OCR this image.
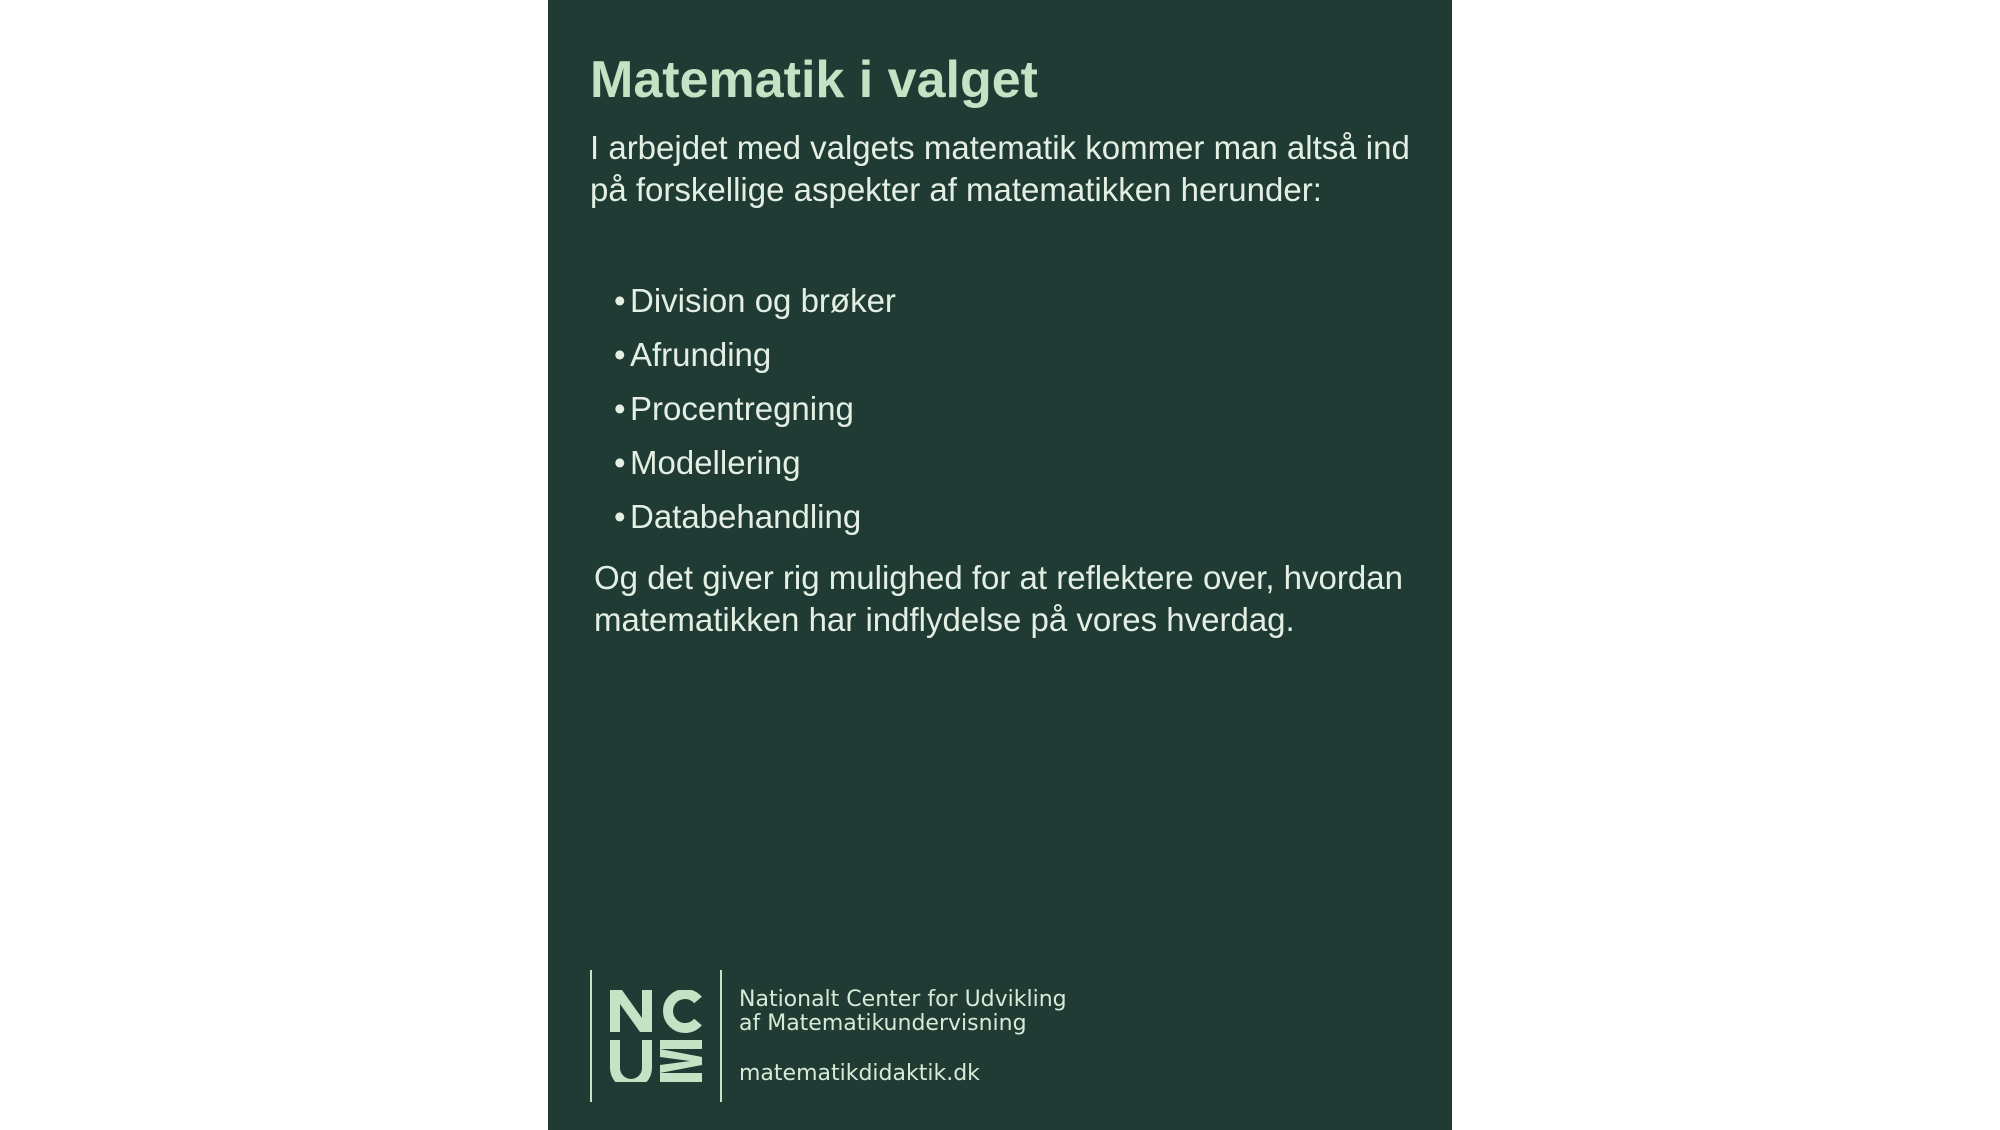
Matematik i valget

I arbejdet med valgets matematik kommer man altså ind på forskellige aspekter af matematikken herunder:

• Division og brøker
• Afrunding
• Procentregning
• Modellering
• Databehandling

Og det giver rig mulighed for at reflektere over, hvordan matematikken har indflydelse på vores hverdag.

Nationalt Center for Udvikling
af Matematikundervisning
matematikdidaktik.dk
